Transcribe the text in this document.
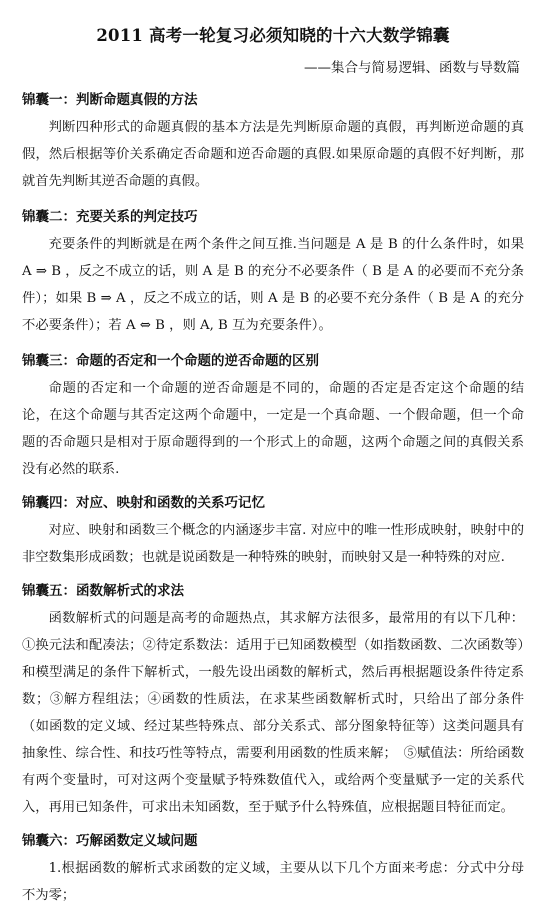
2011 高考一轮复习必须知晓的十六大数学锦囊
——集合与简易逻辑、函数与导数篇
锦囊一：判断命题真假的方法

判断四种形式的命题真假的基本方法是先判断原命题的真假，再判断逆命题的真假，然后根据等价关系确定否命题和逆否命题的真假.如果原命题的真假不好判断，那就首先判断其逆否命题的真假。

锦囊二：充要关系的判定技巧

充要条件的判断就是在两个条件之间互推.当问题是 A 是 B 的什么条件时，如果 A ⇒ B ，反之不成立的话，则 A 是 B 的充分不必要条件（ B 是 A 的必要而不充分条件）；如果 B ⇒ A ，反之不成立的话，则 A 是 B 的必要不充分条件（ B 是 A 的充分不必要条件）；若 A ⇔ B ，则 A, B 互为充要条件）。

锦囊三：命题的否定和一个命题的逆否命题的区别

命题的否定和一个命题的逆否命题是不同的，命题的否定是否定这个命题的结论，在这个命题与其否定这两个命题中，一定是一个真命题、一个假命题，但一个命题的否命题只是相对于原命题得到的一个形式上的命题，这两个命题之间的真假关系没有必然的联系.

锦囊四：对应、映射和函数的关系巧记忆

对应、映射和函数三个概念的内涵逐步丰富. 对应中的唯一性形成映射，映射中的非空数集形成函数；也就是说函数是一种特殊的映射，而映射又是一种特殊的对应.

锦囊五：函数解析式的求法

函数解析式的问题是高考的命题热点，其求解方法很多，最常用的有以下几种：①换元法和配凑法；②待定系数法：适用于已知函数模型（如指数函数、二次函数等）和模型满足的条件下解析式，一般先设出函数的解析式，然后再根据题设条件待定系数；③解方程组法；④函数的性质法，在求某些函数解析式时，只给出了部分条件（如函数的定义域、经过某些特殊点、部分关系式、部分图象特征等）这类问题具有抽象性、综合性、和技巧性等特点，需要利用函数的性质来解；　⑤赋值法：所给函数有两个变量时，可对这两个变量赋予特殊数值代入，或给两个变量赋予一定的关系代入，再用已知条件，可求出未知函数，至于赋予什么特殊值，应根据题目特征而定。

锦囊六：巧解函数定义域问题

1.根据函数的解析式求函数的定义域，主要从以下几个方面来考虑：分式中分母不为零；
